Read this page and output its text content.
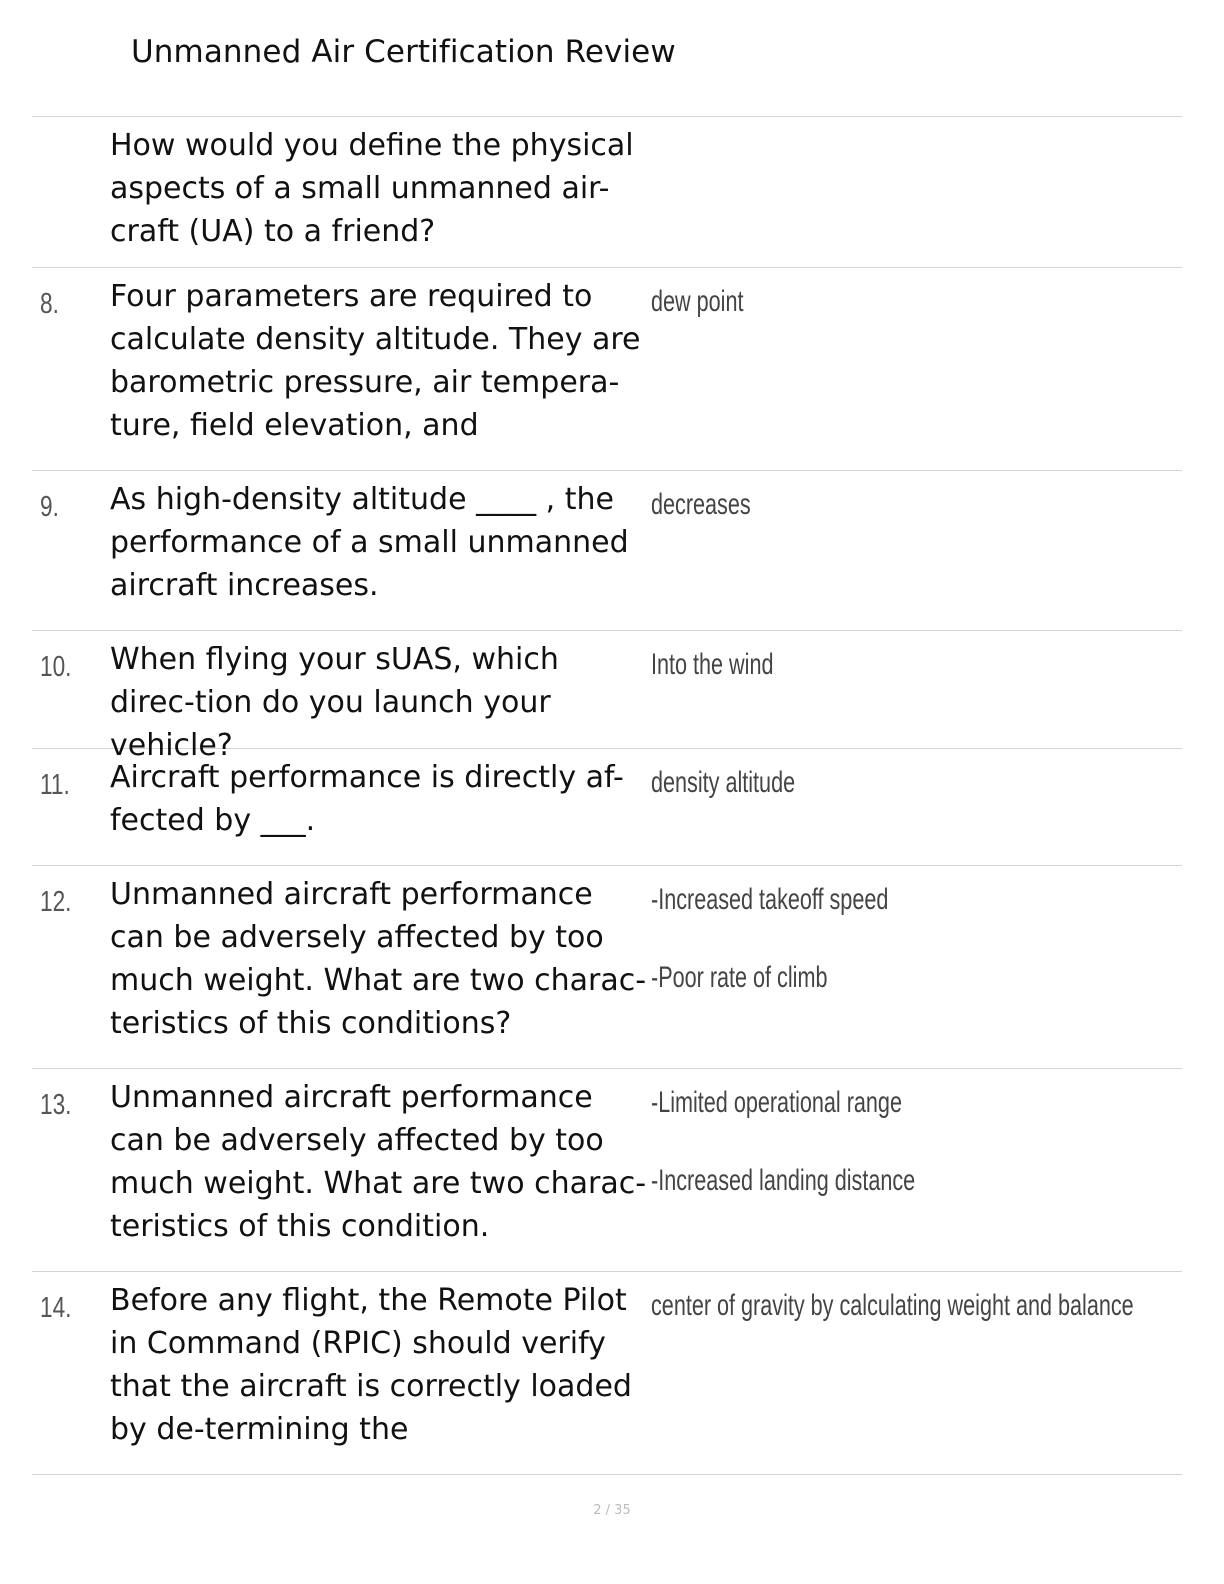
Unmanned Air Certification Review
How would you define the physical aspects of a small unmanned air-craft (UA) to a friend?
8. Four parameters are required to calculate density altitude. They are barometric pressure, air tempera-ture, field elevation, and
dew point
9. As high-density altitude ____ , the performance of a small unmanned aircraft increases.
decreases
10. When flying your sUAS, which direc-tion do you launch your vehicle?
Into the wind
11. Aircraft performance is directly af-fected by ___.
density altitude
12. Unmanned aircraft performance can be adversely affected by too much weight. What are two charac-teristics of this conditions?
-Increased takeoff speed
-Poor rate of climb
13. Unmanned aircraft performance can be adversely affected by too much weight. What are two charac-teristics of this condition.
-Limited operational range
-Increased landing distance
14. Before any flight, the Remote Pilot in Command (RPIC) should verify that the aircraft is correctly loaded by de-termining the
center of gravity by calculating weight and balance
2 / 35
